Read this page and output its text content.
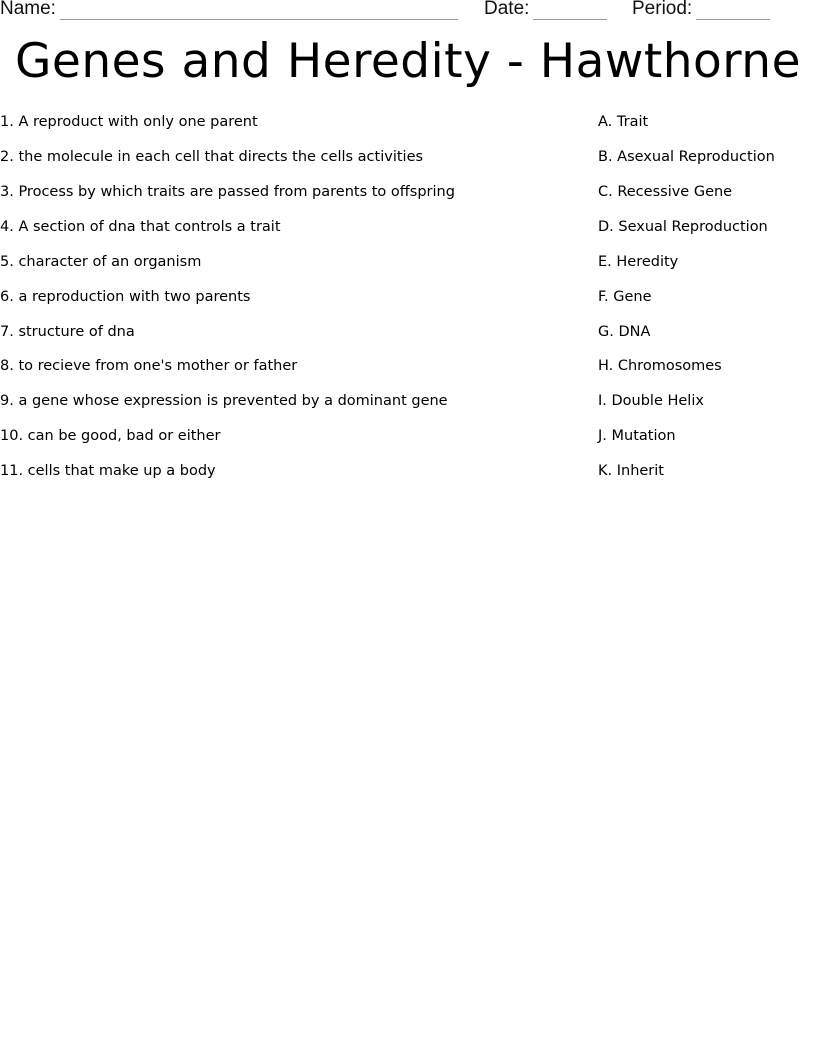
Name:	Date:	Period:
Genes and Heredity - Hawthorne
1. A reproduct with only one parent
2. the molecule in each cell that directs the cells activities
3. Process by which traits are passed from parents to offspring
4. A section of dna that controls a trait
5. character of an organism
6. a reproduction with two parents
7. structure of dna
8. to recieve from one's mother or father
9. a gene whose expression is prevented by a dominant gene
10. can be good, bad or either
11. cells that make up a body
A. Trait
B. Asexual Reproduction
C. Recessive Gene
D. Sexual Reproduction
E. Heredity
F. Gene
G. DNA
H. Chromosomes
I. Double Helix
J. Mutation
K. Inherit
